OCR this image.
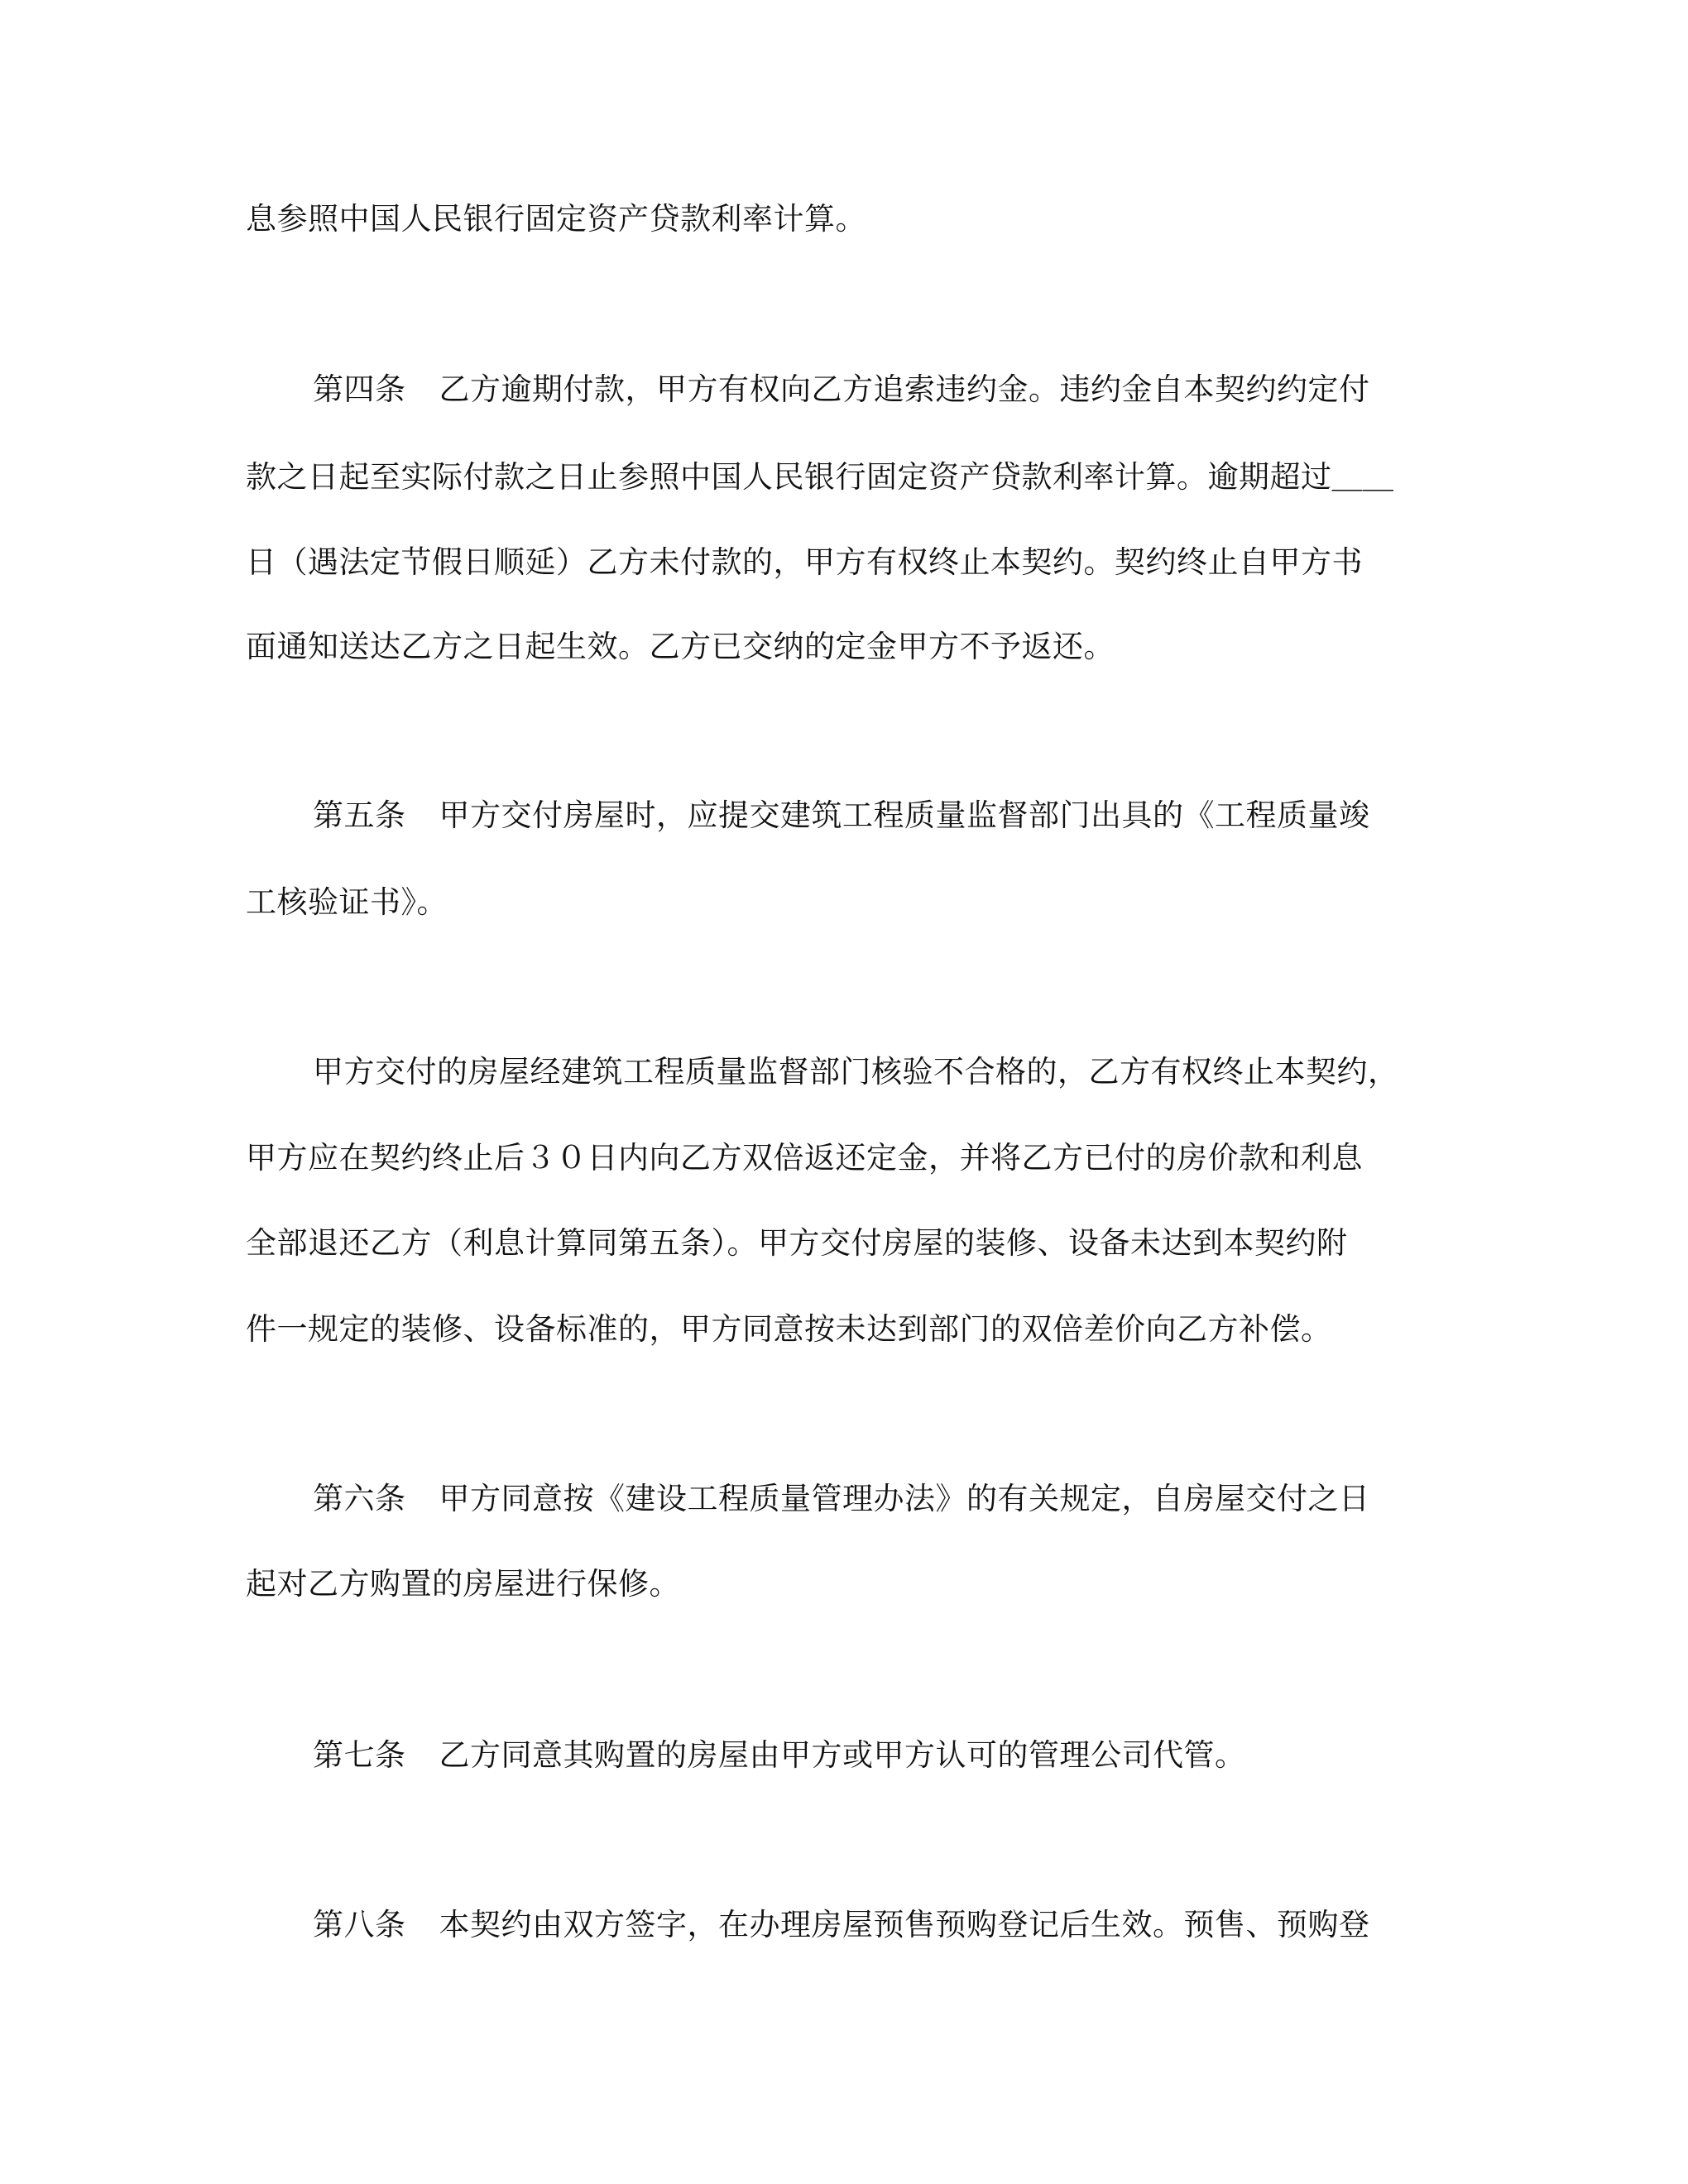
息参照中国人民银行固定资产贷款利率计算。
第四条 乙方逾期付款，甲方有权向乙方追索违约金。违约金自本契约约定付
款之日起至实际付款之日止参照中国人民银行固定资产贷款利率计算。逾期超过＿＿
日（遇法定节假日顺延）乙方未付款的，甲方有权终止本契约。契约终止自甲方书
面通知送达乙方之日起生效。乙方已交纳的定金甲方不予返还。
第五条 甲方交付房屋时，应提交建筑工程质量监督部门出具的《工程质量竣
工核验证书》。
甲方交付的房屋经建筑工程质量监督部门核验不合格的，乙方有权终止本契约，
甲方应在契约终止后３０日内向乙方双倍返还定金，并将乙方已付的房价款和利息
全部退还乙方（利息计算同第五条）。甲方交付房屋的装修、设备未达到本契约附
件一规定的装修、设备标准的，甲方同意按未达到部门的双倍差价向乙方补偿。
第六条 甲方同意按《建设工程质量管理办法》的有关规定，自房屋交付之日
起对乙方购置的房屋进行保修。
第七条 乙方同意其购置的房屋由甲方或甲方认可的管理公司代管。
第八条 本契约由双方签字，在办理房屋预售预购登记后生效。预售、预购登
